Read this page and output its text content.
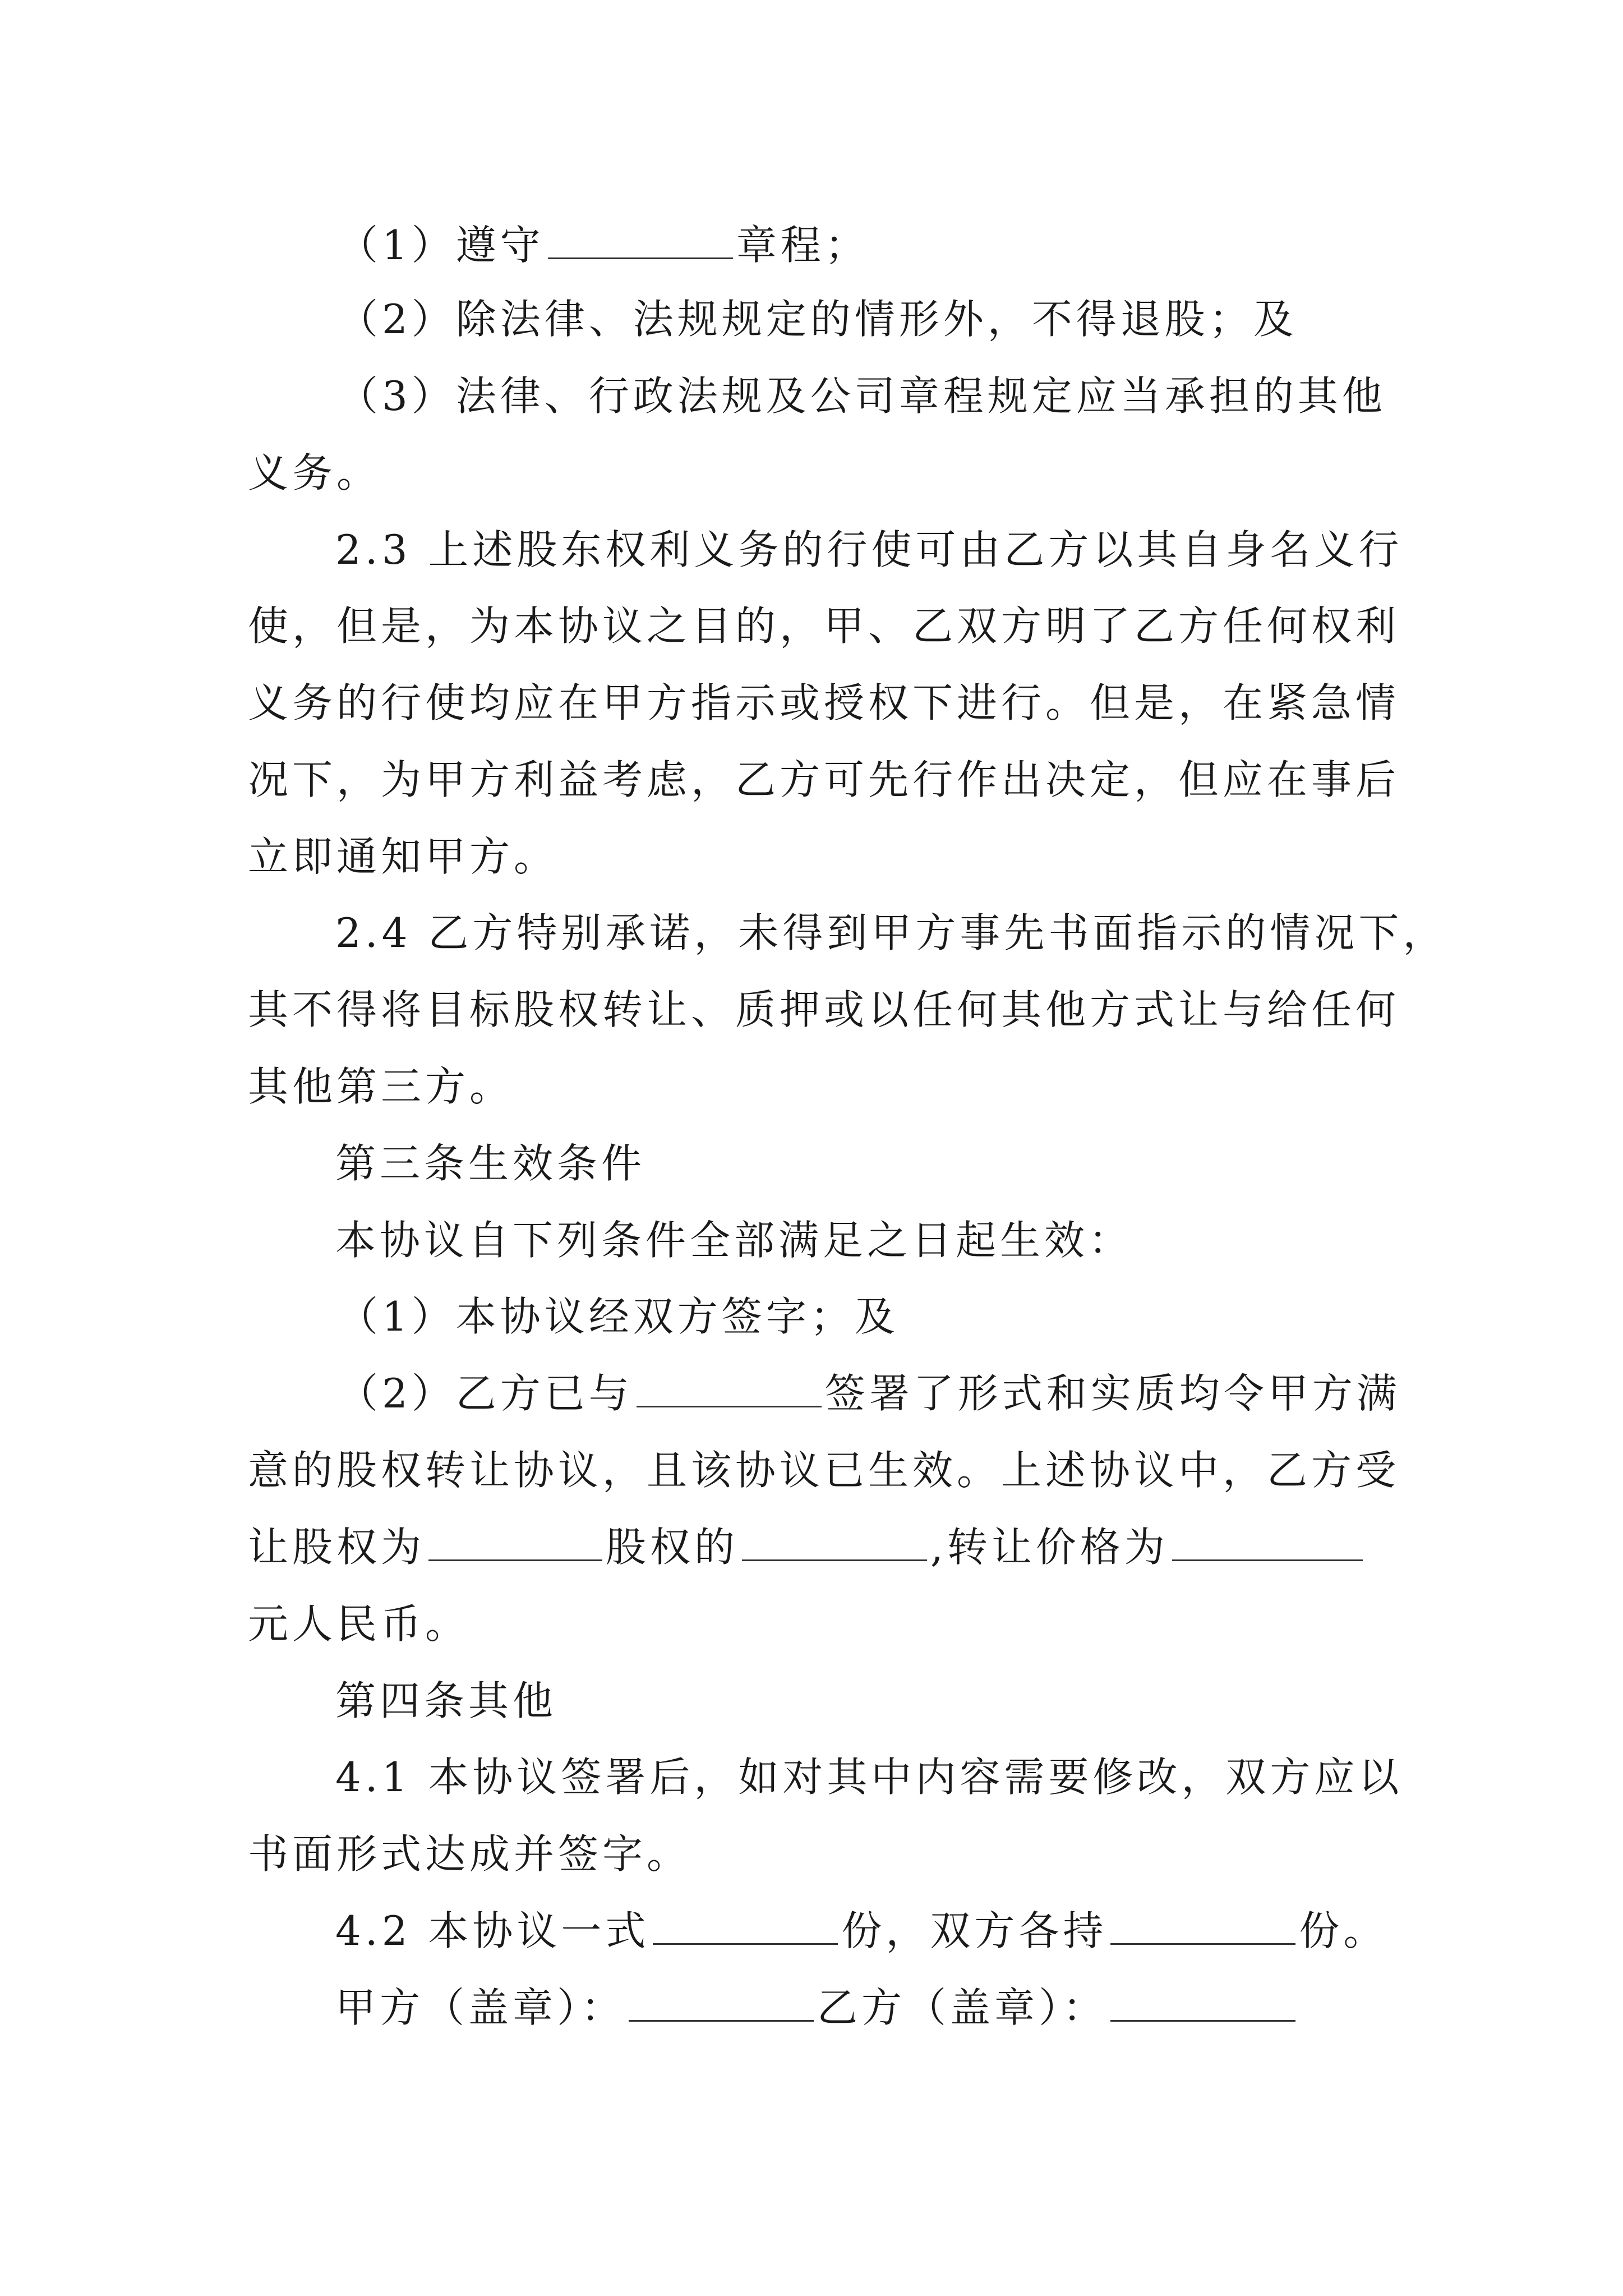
（1）遵守	章程；
（2）除法律、法规规定的情形外，不得退股；及
（3）法律、行政法规及公司章程规定应当承担的其他
义务。
2.3 上述股东权利义务的行使可由乙方以其自身名义行
使，但是，为本协议之目的，甲、乙双方明了乙方任何权利
义务的行使均应在甲方指示或授权下进行。但是，在紧急情
况下，为甲方利益考虑，乙方可先行作出决定，但应在事后
立即通知甲方。
2.4 乙方特别承诺，未得到甲方事先书面指示的情况下，
其不得将目标股权转让、质押或以任何其他方式让与给任何
其他第三方。
第三条生效条件
本协议自下列条件全部满足之日起生效：
（1）本协议经双方签字；及
（2）乙方已与	签署了形式和实质均令甲方满
意的股权转让协议，且该协议已生效。上述协议中，乙方受
让股权为	股权的	,转让价格为
元人民币。
第四条其他
4.1 本协议签署后，如对其中内容需要修改，双方应以
书面形式达成并签字。
4.2 本协议一式	份，双方各持	份。
甲方（盖章）：	乙方（盖章）：
